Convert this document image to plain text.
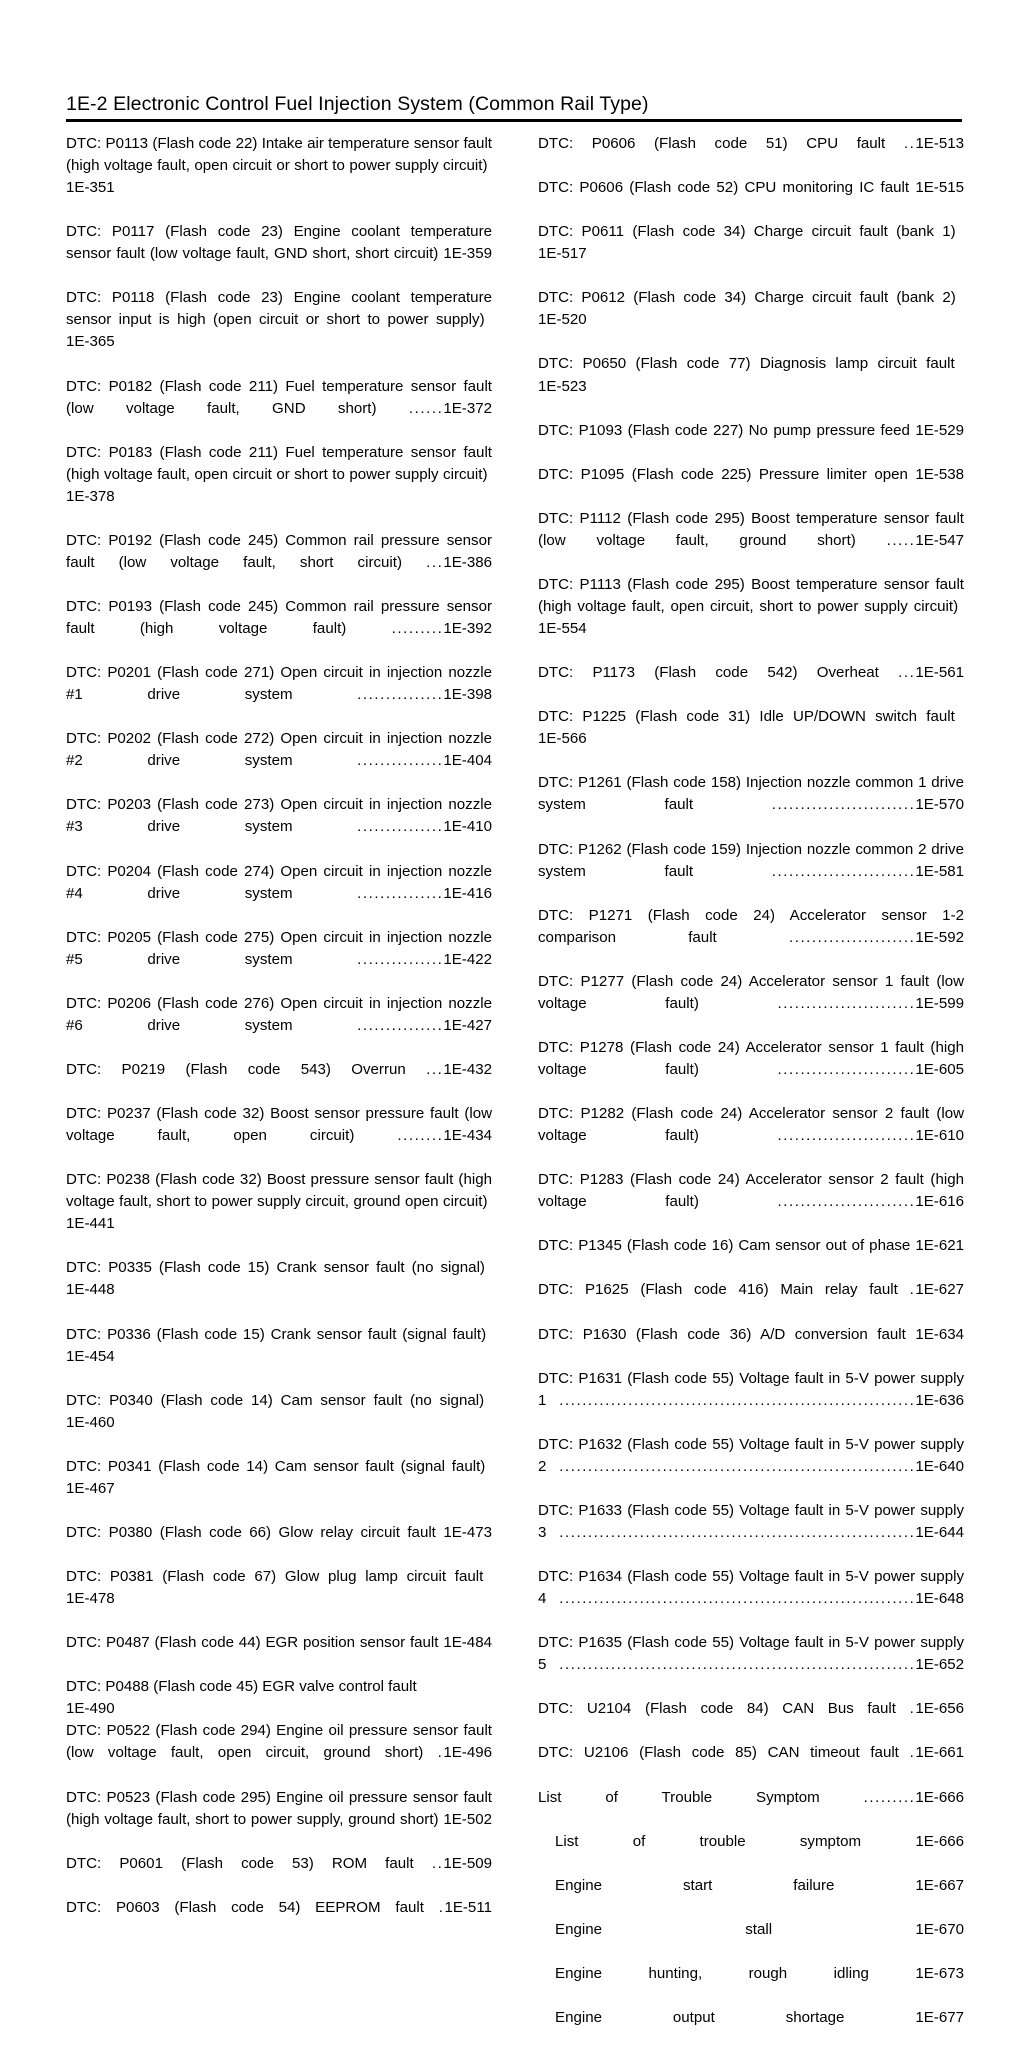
1E-2 Electronic Control Fuel Injection System (Common Rail Type)
DTC: P0113 (Flash code 22) Intake air temperature sensor fault (high voltage fault, open circuit or short to power supply circuit) 1E-351
DTC: P0117 (Flash code 23) Engine coolant temperature sensor fault (low voltage fault, GND short, short circuit) 1E-359
DTC: P0118 (Flash code 23) Engine coolant temperature sensor input is high (open circuit or short to power supply) 1E-365
DTC: P0182 (Flash code 211) Fuel temperature sensor fault (low voltage fault, GND short) ......1E-372
DTC: P0183 (Flash code 211) Fuel temperature sensor fault (high voltage fault, open circuit or short to power supply circuit) 1E-378
DTC: P0192 (Flash code 245) Common rail pressure sensor fault (low voltage fault, short circuit) ...1E-386
DTC: P0193 (Flash code 245) Common rail pressure sensor fault (high voltage fault)	.........1E-392
DTC: P0201 (Flash code 271) Open circuit in injection nozzle #1 drive system	...............1E-398
DTC: P0202 (Flash code 272) Open circuit in injection nozzle #2 drive system	...............1E-404
DTC: P0203 (Flash code 273) Open circuit in injection nozzle #3 drive system	...............1E-410
DTC: P0204 (Flash code 274) Open circuit in injection nozzle #4 drive system	...............1E-416
DTC: P0205 (Flash code 275) Open circuit in injection nozzle #5 drive system	...............1E-422
DTC: P0206 (Flash code 276) Open circuit in injection nozzle #6 drive system	...............1E-427
DTC: P0219 (Flash code 543) Overrun ...1E-432
DTC: P0237 (Flash code 32) Boost sensor pressure fault (low voltage fault, open circuit)	........1E-434
DTC: P0238 (Flash code 32) Boost pressure sensor fault (high voltage fault, short to power supply circuit, ground open circuit) 1E-441
DTC: P0335 (Flash code 15) Crank sensor fault (no signal) 1E-448
DTC: P0336 (Flash code 15) Crank sensor fault (signal fault) 1E-454
DTC: P0340 (Flash code 14) Cam sensor fault (no signal) 1E-460
DTC: P0341 (Flash code 14) Cam sensor fault (signal fault) 1E-467
DTC: P0380 (Flash code 66) Glow relay circuit fault 1E-473
DTC: P0381 (Flash code 67) Glow plug lamp circuit fault 1E-478
DTC: P0487 (Flash code 44) EGR position sensor fault 1E-484
DTC: P0488 (Flash code 45) EGR valve control fault
1E-490
DTC: P0522 (Flash code 294) Engine oil pressure sensor fault (low voltage fault, open circuit, ground short) .1E-496
DTC: P0523 (Flash code 295) Engine oil pressure sensor fault (high voltage fault, short to power supply, ground short) 1E-502
DTC: P0601 (Flash code 53) ROM fault ..1E-509
DTC: P0603 (Flash code 54) EEPROM fault .1E-511
DTC: P0606 (Flash code 51) CPU fault ..1E-513
DTC: P0606 (Flash code 52) CPU monitoring IC fault 1E-515
DTC: P0611 (Flash code 34) Charge circuit fault (bank 1) 1E-517
DTC: P0612 (Flash code 34) Charge circuit fault (bank 2) 1E-520
DTC: P0650 (Flash code 77) Diagnosis lamp circuit fault 1E-523
DTC: P1093 (Flash code 227) No pump pressure feed 1E-529
DTC: P1095 (Flash code 225) Pressure limiter open 1E-538
DTC: P1112 (Flash code 295) Boost temperature sensor fault (low voltage fault, ground short) .....1E-547
DTC: P1113 (Flash code 295) Boost temperature sensor fault (high voltage fault, open circuit, short to power supply circuit) 1E-554
DTC: P1173 (Flash code 542) Overheat ...1E-561
DTC: P1225 (Flash code 31) Idle UP/DOWN switch fault 1E-566
DTC: P1261 (Flash code 158) Injection nozzle common 1 drive system fault	.........................1E-570
DTC: P1262 (Flash code 159) Injection nozzle common 2 drive system fault	.........................1E-581
DTC: P1271 (Flash code 24) Accelerator sensor 1-2 comparison fault	......................1E-592
DTC: P1277 (Flash code 24) Accelerator sensor 1 fault (low voltage fault)	........................1E-599
DTC: P1278 (Flash code 24) Accelerator sensor 1 fault (high voltage fault)	........................1E-605
DTC: P1282 (Flash code 24) Accelerator sensor 2 fault (low voltage fault)	........................1E-610
DTC: P1283 (Flash code 24) Accelerator sensor 2 fault (high voltage fault)	........................1E-616
DTC: P1345 (Flash code 16) Cam sensor out of phase 1E-621
DTC: P1625 (Flash code 416) Main relay fault .1E-627
DTC: P1630 (Flash code 36) A/D conversion fault 1E-634
DTC: P1631 (Flash code 55) Voltage fault in 5-V power supply 1 ..............................................................1E-636
DTC: P1632 (Flash code 55) Voltage fault in 5-V power supply 2 ..............................................................1E-640
DTC: P1633 (Flash code 55) Voltage fault in 5-V power supply 3 ..............................................................1E-644
DTC: P1634 (Flash code 55) Voltage fault in 5-V power supply 4 ..............................................................1E-648
DTC: P1635 (Flash code 55) Voltage fault in 5-V power supply 5 ..............................................................1E-652
DTC: U2104 (Flash code 84) CAN Bus fault .1E-656
DTC: U2106 (Flash code 85) CAN timeout fault .1E-661
List of Trouble Symptom	.........1E-666
List of trouble symptom	1E-666
Engine start failure	1E-667
Engine stall	1E-670
Engine hunting, rough idling	1E-673
Engine output shortage	1E-677
